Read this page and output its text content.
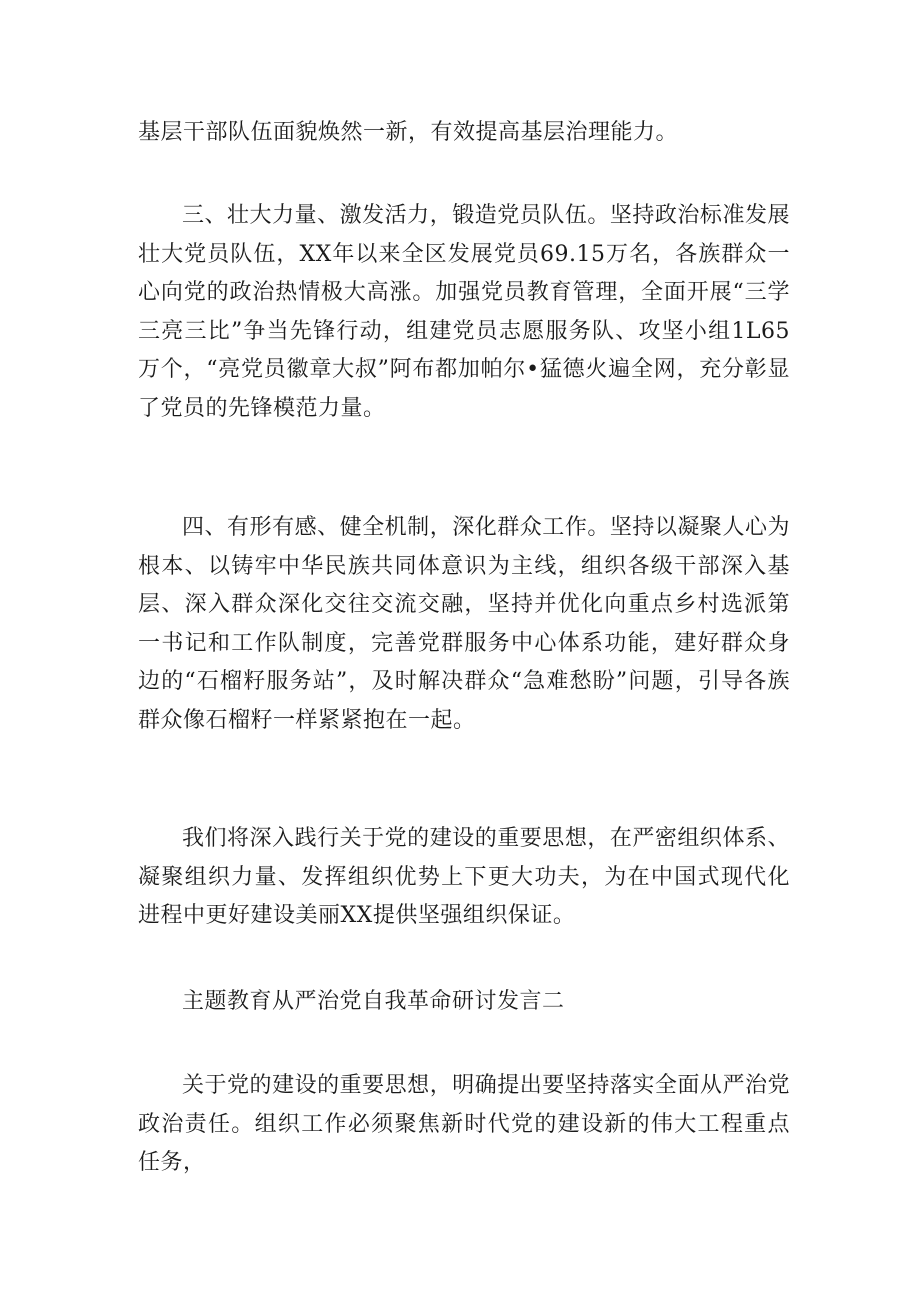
基层干部队伍面貌焕然一新，有效提高基层治理能力。

三、壮大力量、激发活力，锻造党员队伍。坚持政治标准发展壮大党员队伍，XX年以来全区发展党员69.15万名，各族群众一心向党的政治热情极大高涨。加强党员教育管理，全面开展“三学三亮三比”争当先锋行动，组建党员志愿服务队、攻坚小组1L65万个，“亮党员徽章大叔”阿布都加帕尔•猛德火遍全网，充分彰显了党员的先锋模范力量。

四、有形有感、健全机制，深化群众工作。坚持以凝聚人心为根本、以铸牢中华民族共同体意识为主线，组织各级干部深入基层、深入群众深化交往交流交融，坚持并优化向重点乡村选派第一书记和工作队制度，完善党群服务中心体系功能，建好群众身边的“石榴籽服务站”，及时解决群众“急难愁盼”问题，引导各族群众像石榴籽一样紧紧抱在一起。

我们将深入践行关于党的建设的重要思想，在严密组织体系、凝聚组织力量、发挥组织优势上下更大功夫，为在中国式现代化进程中更好建设美丽XX提供坚强组织保证。

主题教育从严治党自我革命研讨发言二

关于党的建设的重要思想，明确提出要坚持落实全面从严治党政治责任。组织工作必须聚焦新时代党的建设新的伟大工程重点任务，
